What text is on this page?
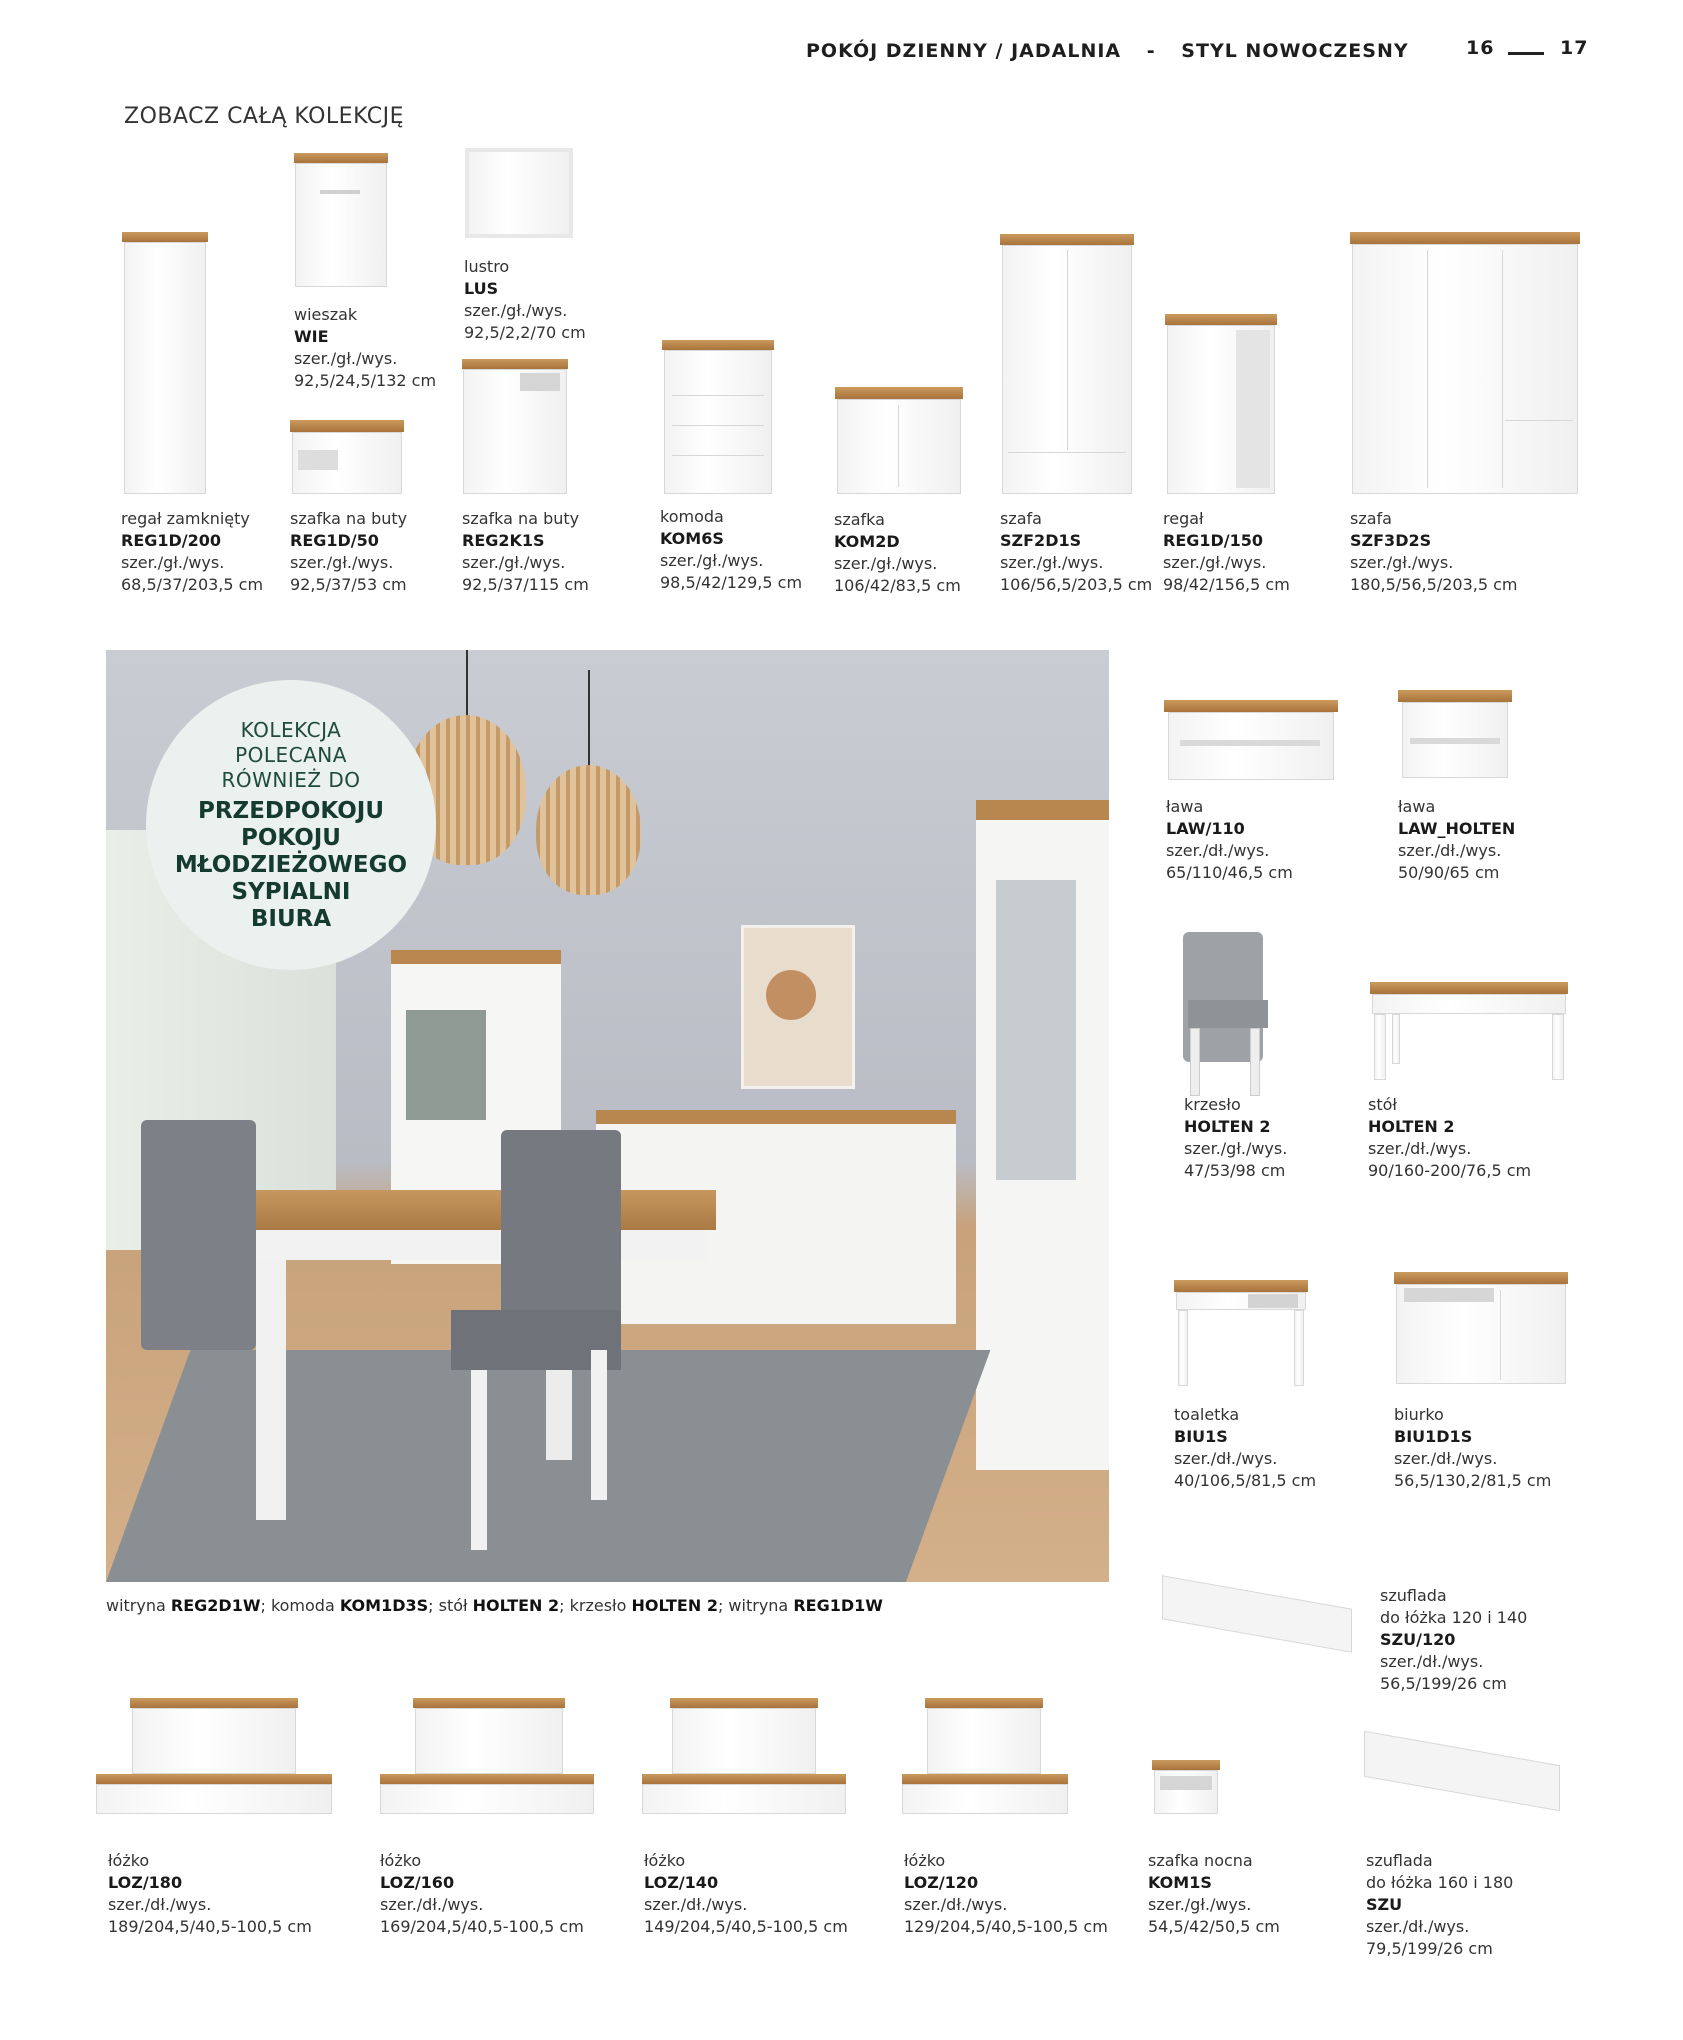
POKÓJ DZIENNY / JADALNIA - STYL NOWOCZESNY	16	17
ZOBACZ CAŁĄ KOLEKCJĘ
regał zamknięty
REG1D/200
szer./gł./wys.
68,5/37/203,5 cm
wieszak
WIE
szer./gł./wys.
92,5/24,5/132 cm
szafka na buty
REG1D/50
szer./gł./wys.
92,5/37/53 cm
lustro
LUS
szer./gł./wys.
92,5/2,2/70 cm
szafka na buty
REG2K1S
szer./gł./wys.
92,5/37/115 cm
komoda
KOM6S
szer./gł./wys.
98,5/42/129,5 cm
szafka
KOM2D
szer./gł./wys.
106/42/83,5 cm
szafa
SZF2D1S
szer./gł./wys.
106/56,5/203,5 cm
regał
REG1D/150
szer./gł./wys.
98/42/156,5 cm
szafa
SZF3D2S
szer./gł./wys.
180,5/56,5/203,5 cm
KOLEKCJA
POLECANA
RÓWNIEŻ DO
PRZEDPOKOJU
POKOJU
MŁODZIEŻOWEGO
SYPIALNI
BIURA
witryna REG2D1W; komoda KOM1D3S; stół HOLTEN 2; krzesło HOLTEN 2; witryna REG1D1W
ława
LAW/110
szer./dł./wys.
65/110/46,5 cm
ława
LAW_HOLTEN
szer./dł./wys.
50/90/65 cm
krzesło
HOLTEN 2
szer./gł./wys.
47/53/98 cm
stół
HOLTEN 2
szer./dł./wys.
90/160-200/76,5 cm
toaletka
BIU1S
szer./dł./wys.
40/106,5/81,5 cm
biurko
BIU1D1S
szer./dł./wys.
56,5/130,2/81,5 cm
szuflada
do łóżka 120 i 140
SZU/120
szer./dł./wys.
56,5/199/26 cm
łóżko
LOZ/180
szer./dł./wys.
189/204,5/40,5-100,5 cm
łóżko
LOZ/160
szer./dł./wys.
169/204,5/40,5-100,5 cm
łóżko
LOZ/140
szer./dł./wys.
149/204,5/40,5-100,5 cm
łóżko
LOZ/120
szer./dł./wys.
129/204,5/40,5-100,5 cm
szafka nocna
KOM1S
szer./gł./wys.
54,5/42/50,5 cm
szuflada
do łóżka 160 i 180
SZU
szer./dł./wys.
79,5/199/26 cm
